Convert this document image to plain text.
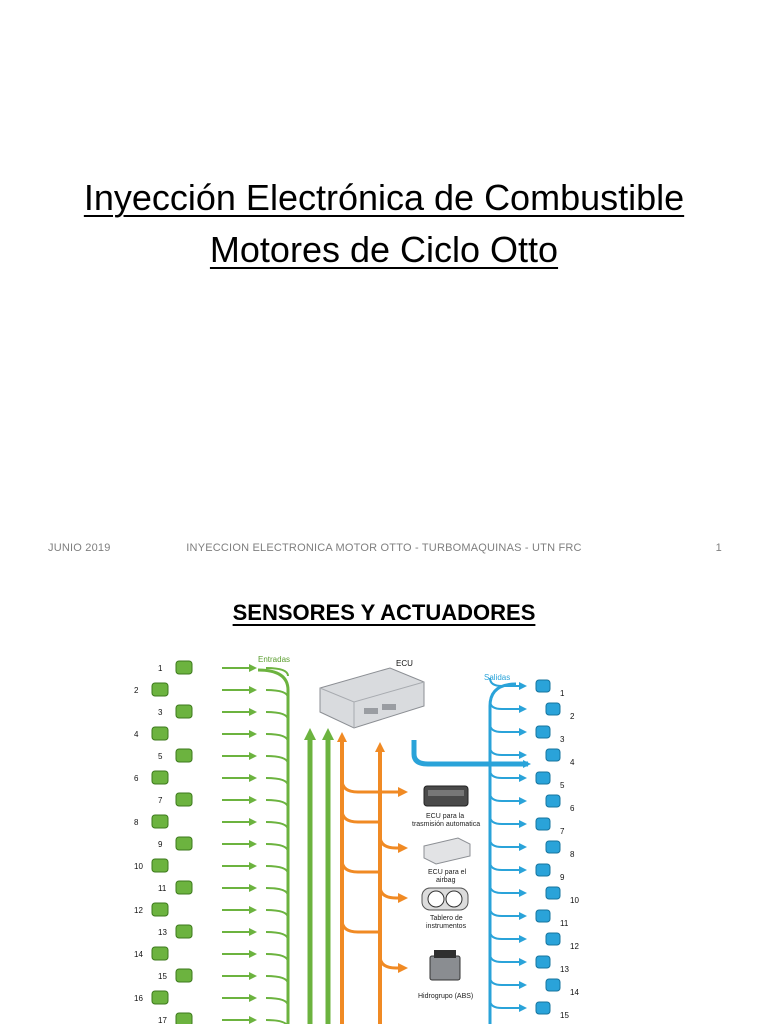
Inyección Electrónica de Combustible
Motores de Ciclo Otto
JUNIO 2019	INYECCION ELECTRONICA MOTOR OTTO - TURBOMAQUINAS - UTN FRC	1
SENSORES Y ACTUADORES
ECU
Entradas
1
2
3
4
5
6
7
8
9
10
11
12
13
14
15
16
17
ECU para la
trasmisión automatica
ECU para el
airbag
Tablero de
instrumentos
Hidrogrupo (ABS)
Salidas
1
2
3
4
5
6
7
8
9
10
11
12
13
14
15
